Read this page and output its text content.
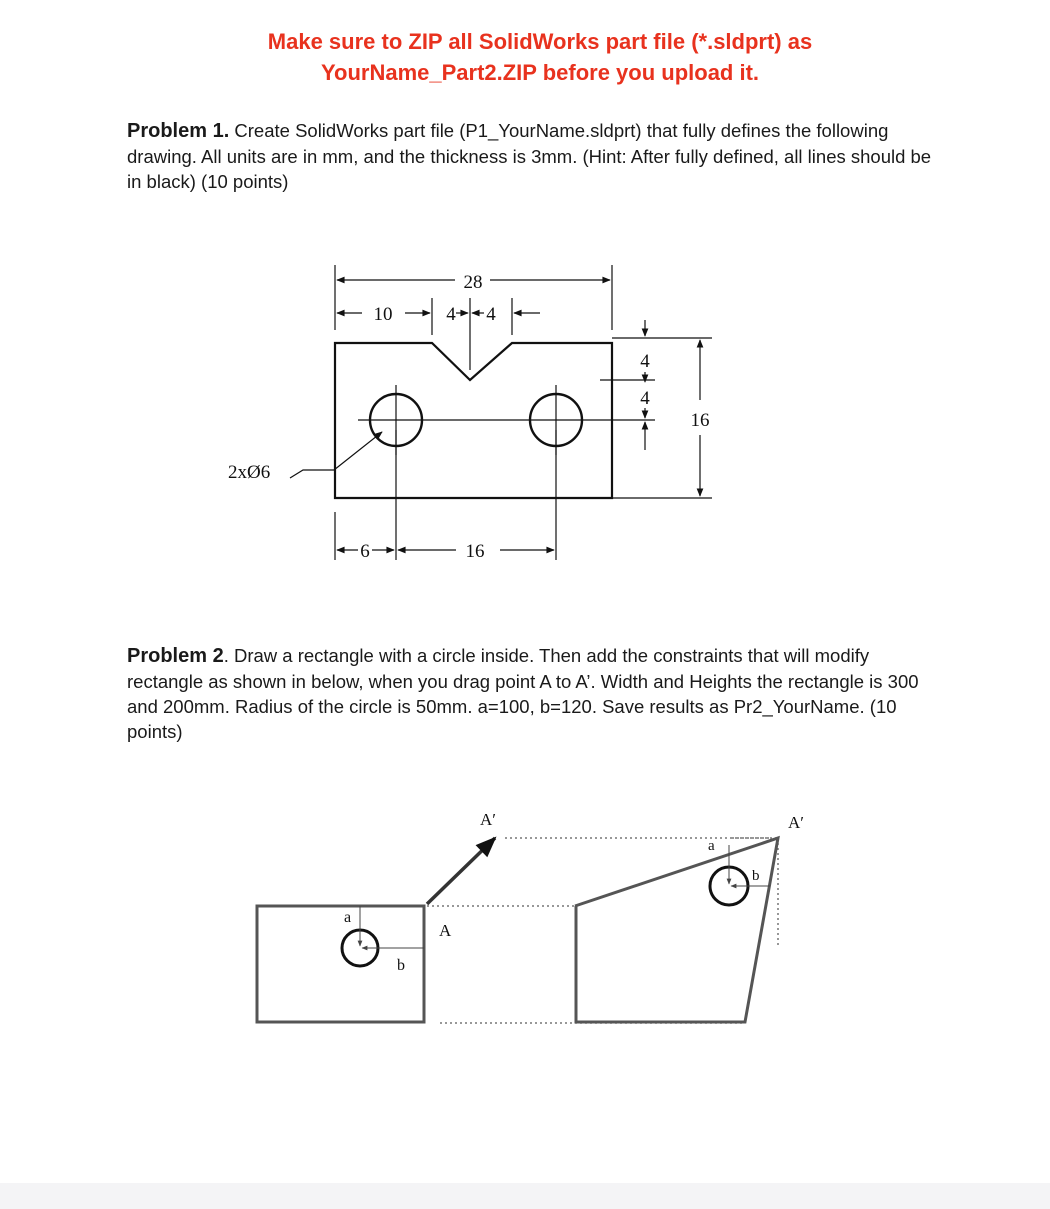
Make sure to ZIP all SolidWorks part file (*.sldprt) as
YourName_Part2.ZIP before you upload it.
Problem 1. Create SolidWorks part file (P1_YourName.sldprt) that fully defines the following drawing. All units are in mm, and the thickness is 3mm. (Hint: After fully defined, all lines should be in black) (10 points)
28
10	4 4
4
4
16
2xØ6
6	16
Problem 2. Draw a rectangle with a circle inside. Then add the constraints that will modify rectangle as shown in below, when you drag point A to A’. Width and Heights the rectangle is 300 and 200mm. Radius of the circle is 50mm. a=100, b=120. Save results as Pr2_YourName. (10 points)
a
b
A
A′
a
b
A′
